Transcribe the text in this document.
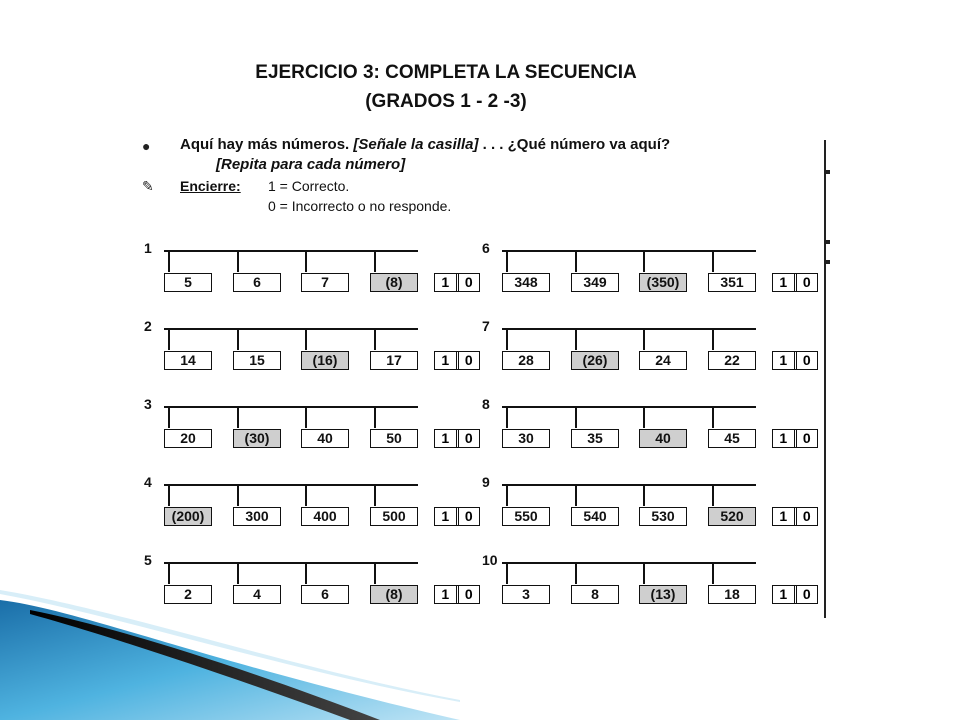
EJERCICIO 3: COMPLETA LA SECUENCIA
(GRADOS 1 - 2 -3)
● Aquí hay más números. [Señale la casilla] . . . ¿Qué número va aquí?
[Repita para cada número]
✎ Encierre: 1 = Correcto.
0 = Incorrecto o no responde.
1
5	6	7	(8)	1	0
2
14	15	(16)	17	1	0
3
20	(30)	40	50	1	0
4
(200)	300	400	500	1	0
5
2	4	6	(8)	1	0
6
348	349	(350)	351	1	0
7
28	(26)	24	22	1	0
8
30	35	40	45	1	0
9
550	540	530	520	1	0
10
3	8	(13)	18	1	0
